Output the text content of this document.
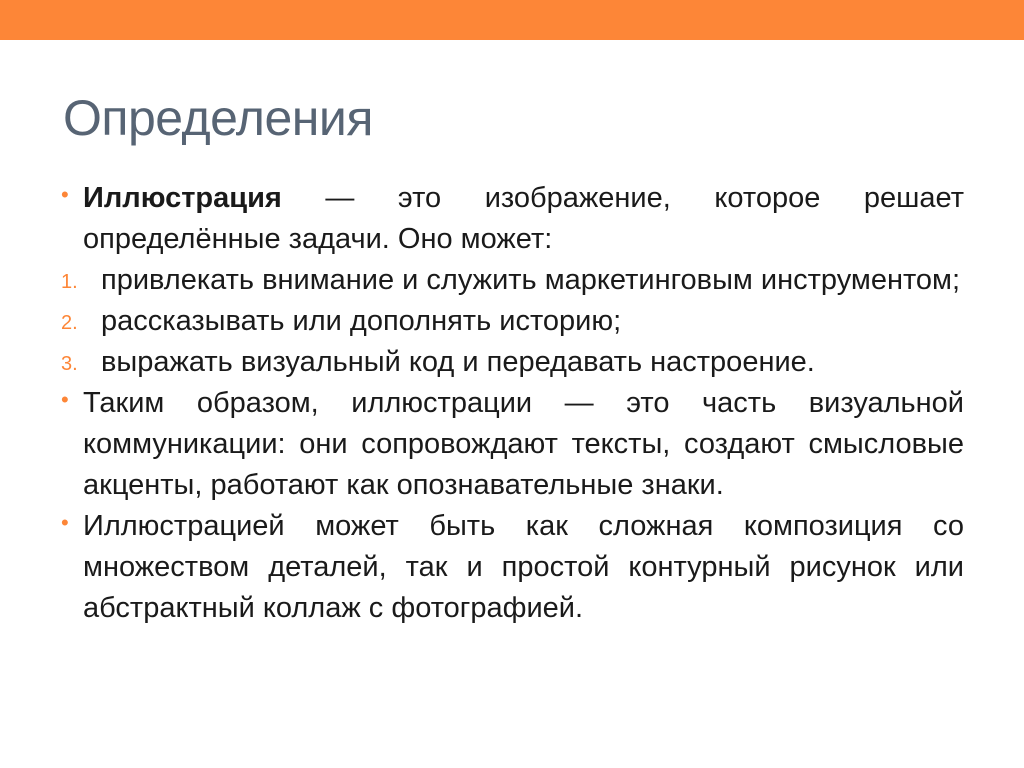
Определения
• Иллюстрация — это изображение, которое решает определённые задачи. Оно может:
1. привлекать внимание и служить маркетинговым инструментом;
2. рассказывать или дополнять историю;
3. выражать визуальный код и передавать настроение.
• Таким образом, иллюстрации — это часть визуальной коммуникации: они сопровождают тексты, создают смысловые акценты, работают как опознавательные знаки.
• Иллюстрацией может быть как сложная композиция со множеством деталей, так и простой контурный рисунок или абстрактный коллаж с фотографией.
